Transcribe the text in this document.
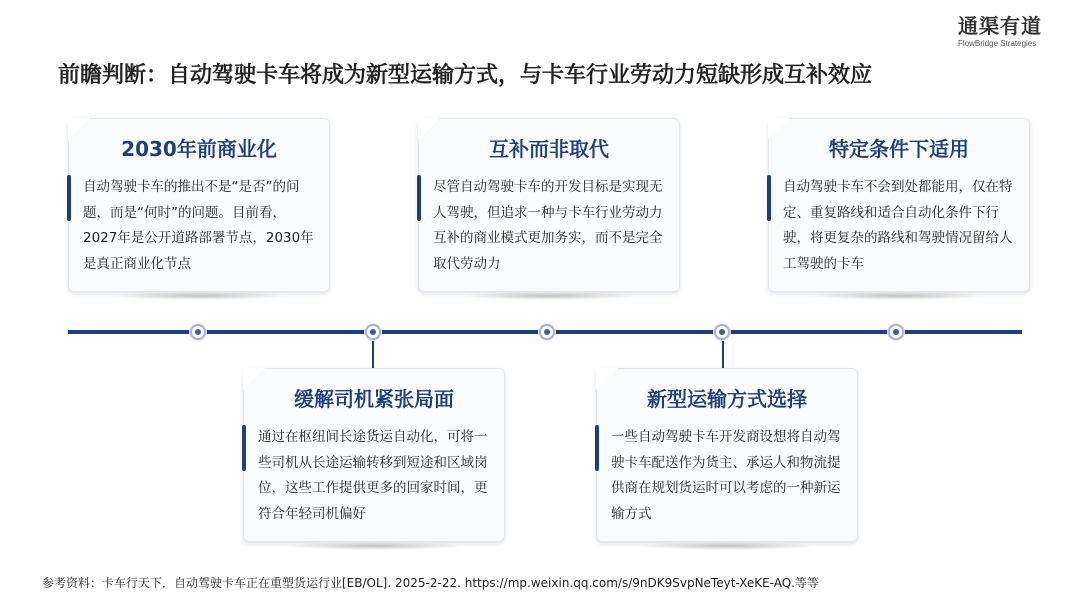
通渠有道
FlowBridge Strategies
前瞻判断：自动驾驶卡车将成为新型运输方式，与卡车行业劳动力短缺形成互补效应
2030年前商业化
自动驾驶卡车的推出不是“是否”的问题，而是“何时”的问题。目前看，2027年是公开道路部署节点，2030年是真正商业化节点
互补而非取代
尽管自动驾驶卡车的开发目标是实现无人驾驶，但追求一种与卡车行业劳动力互补的商业模式更加务实，而不是完全取代劳动力
特定条件下适用
自动驾驶卡车不会到处都能用，仅在特定、重复路线和适合自动化条件下行驶，将更复杂的路线和驾驶情况留给人工驾驶的卡车
缓解司机紧张局面
通过在枢纽间长途货运自动化，可将一些司机从长途运输转移到短途和区域岗位，这些工作提供更多的回家时间，更符合年轻司机偏好
新型运输方式选择
一些自动驾驶卡车开发商设想将自动驾驶卡车配送作为货主、承运人和物流提供商在规划货运时可以考虑的一种新运输方式
参考资料：卡车行天下．自动驾驶卡车正在重塑货运行业[EB/OL]. 2025-2-22. https://mp.weixin.qq.com/s/9nDK9SvpNeTeyt-XeKE-AQ.等等
